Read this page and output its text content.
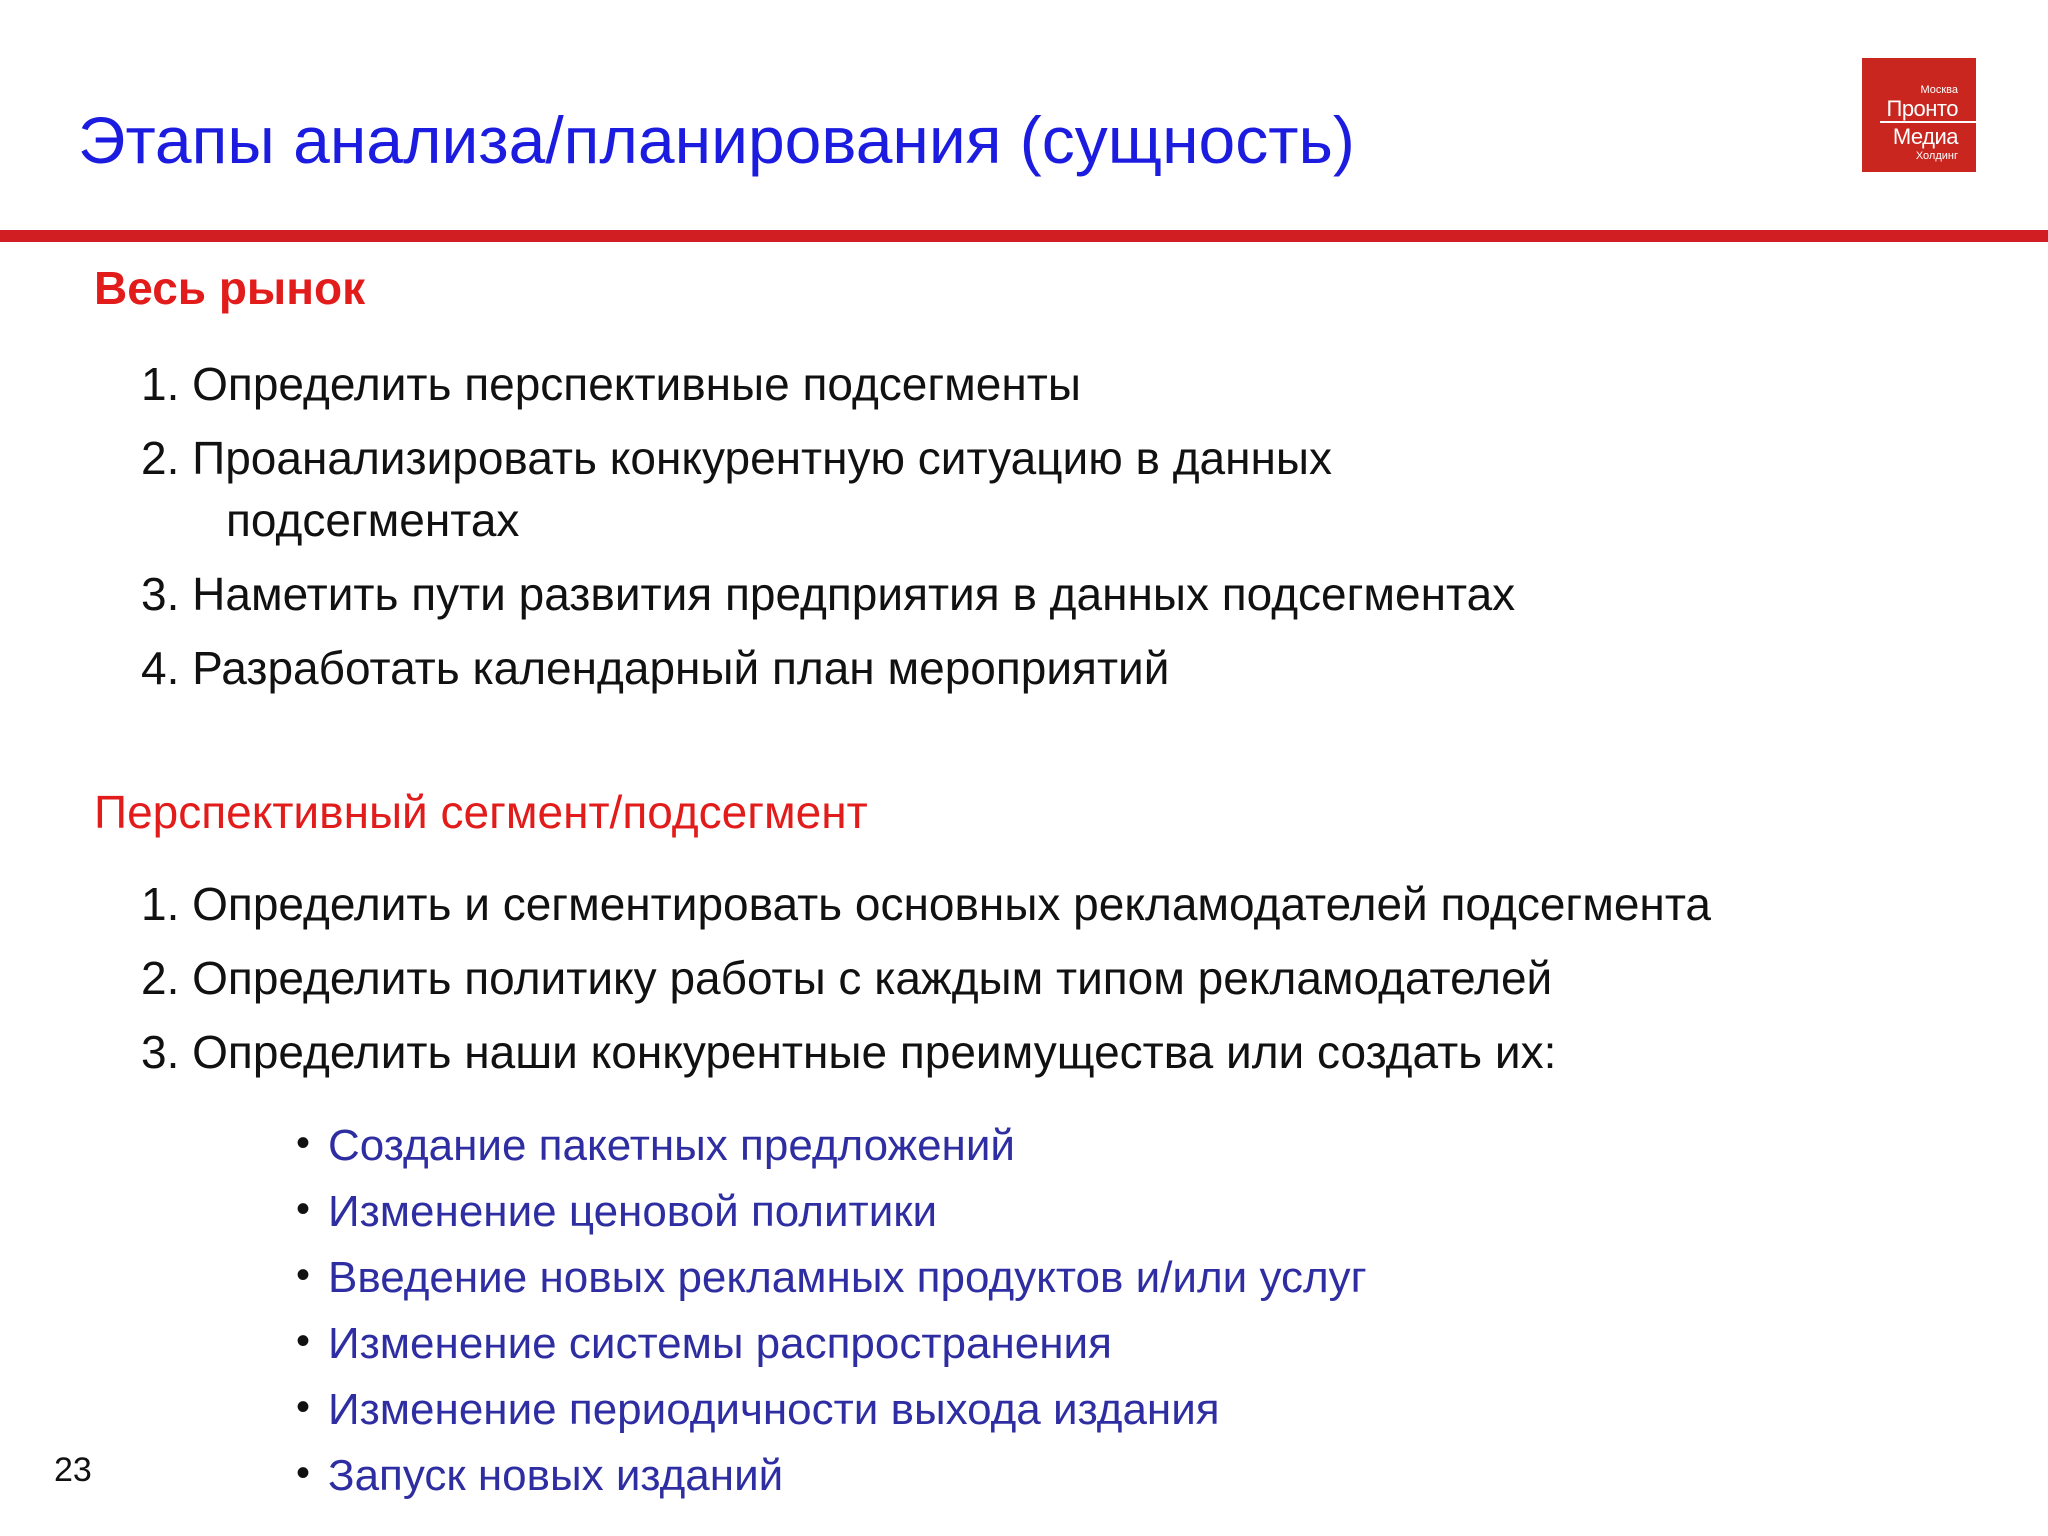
Этапы анализа/планирования (сущность)
Москва
Пронто
Медиа
Холдинг
Весь рынок
1. Определить перспективные подсегменты
2. Проанализировать конкурентную ситуацию в данных
подсегментах
3. Наметить пути развития предприятия в данных подсегментах
4. Разработать календарный план мероприятий
Перспективный сегмент/подсегмент
1. Определить и сегментировать основных рекламодателей подсегмента
2. Определить политику работы с каждым типом рекламодателей
3. Определить наши конкурентные преимущества или создать их:
• Создание пакетных предложений
• Изменение ценовой политики
• Введение новых рекламных продуктов и/или услуг
• Изменение системы распространения
• Изменение периодичности выхода издания
• Запуск новых изданий
23
